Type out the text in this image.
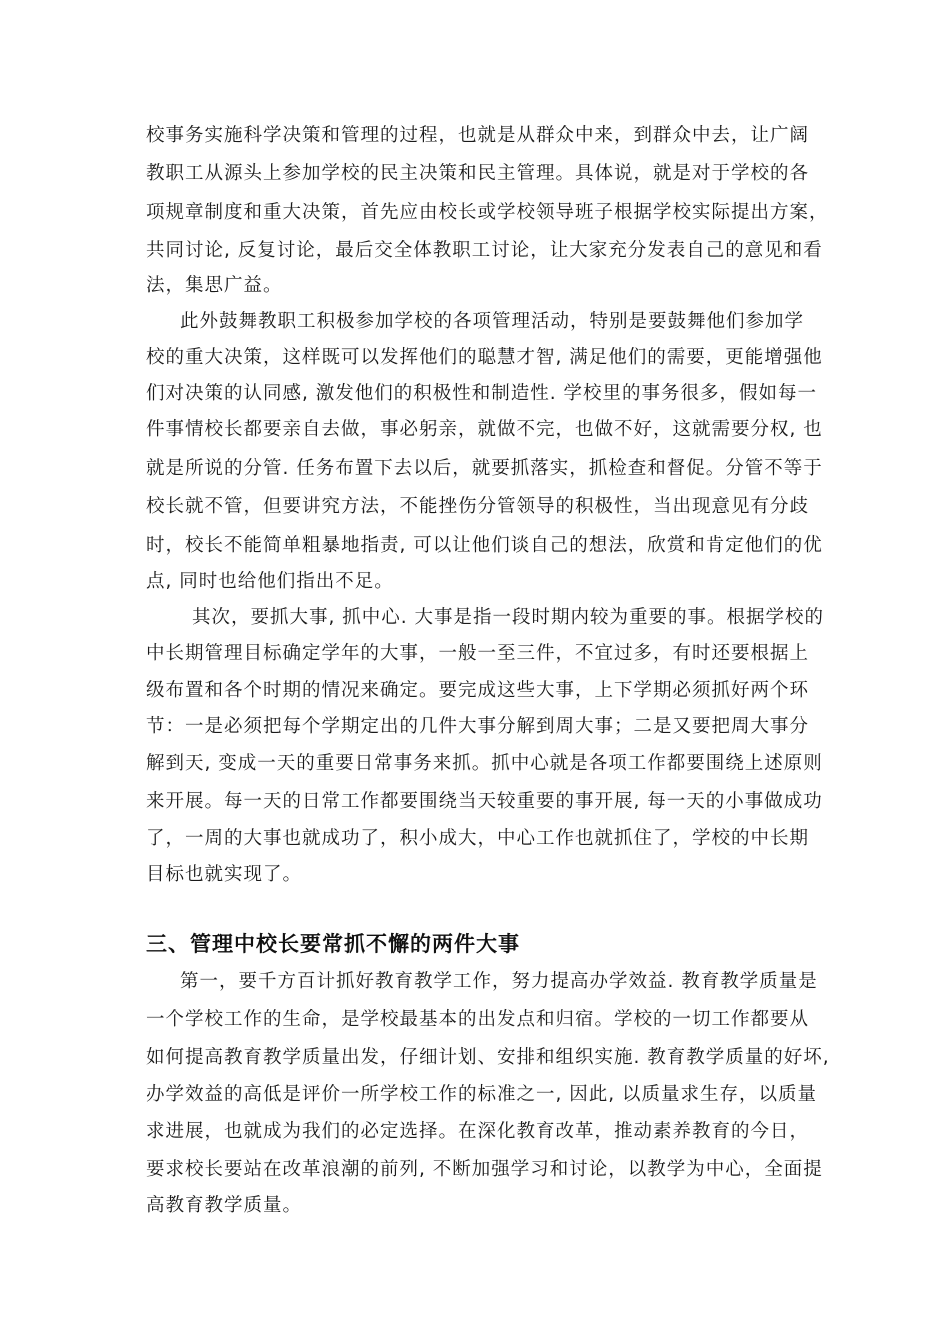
校事务实施科学决策和管理的过程，也就是从群众中来，到群众中去，让广阔
教职工从源头上参加学校的民主决策和民主管理。具体说，就是对于学校的各
项规章制度和重大决策，首先应由校长或学校领导班子根据学校实际提出方案，
共同讨论, 反复讨论，最后交全体教职工讨论，让大家充分发表自己的意见和看
法，集思广益。
此外鼓舞教职工积极参加学校的各项管理活动，特别是要鼓舞他们参加学
校的重大决策，这样既可以发挥他们的聪慧才智, 满足他们的需要，更能增强他
们对决策的认同感, 激发他们的积极性和制造性. 学校里的事务很多，假如每一
件事情校长都要亲自去做，事必躬亲，就做不完，也做不好，这就需要分权, 也
就是所说的分管. 任务布置下去以后，就要抓落实，抓检查和督促。分管不等于
校长就不管，但要讲究方法，不能挫伤分管领导的积极性，当出现意见有分歧
时，校长不能简单粗暴地指责, 可以让他们谈自己的想法，欣赏和肯定他们的优
点, 同时也给他们指出不足。
其次，要抓大事, 抓中心. 大事是指一段时期内较为重要的事。根据学校的
中长期管理目标确定学年的大事，一般一至三件，不宜过多，有时还要根据上
级布置和各个时期的情况来确定。要完成这些大事，上下学期必须抓好两个环
节：一是必须把每个学期定出的几件大事分解到周大事；二是又要把周大事分
解到天, 变成一天的重要日常事务来抓。抓中心就是各项工作都要围绕上述原则
来开展。每一天的日常工作都要围绕当天较重要的事开展, 每一天的小事做成功
了，一周的大事也就成功了，积小成大，中心工作也就抓住了，学校的中长期
目标也就实现了。
三、管理中校长要常抓不懈的两件大事
第一，要千方百计抓好教育教学工作，努力提高办学效益. 教育教学质量是
一个学校工作的生命，是学校最基本的出发点和归宿。学校的一切工作都要从
如何提高教育教学质量出发，仔细计划、安排和组织实施. 教育教学质量的好坏,
办学效益的高低是评价一所学校工作的标准之一, 因此, 以质量求生存，以质量
求进展，也就成为我们的必定选择。在深化教育改革，推动素养教育的今日，
要求校长要站在改革浪潮的前列, 不断加强学习和讨论，以教学为中心，全面提
高教育教学质量。
